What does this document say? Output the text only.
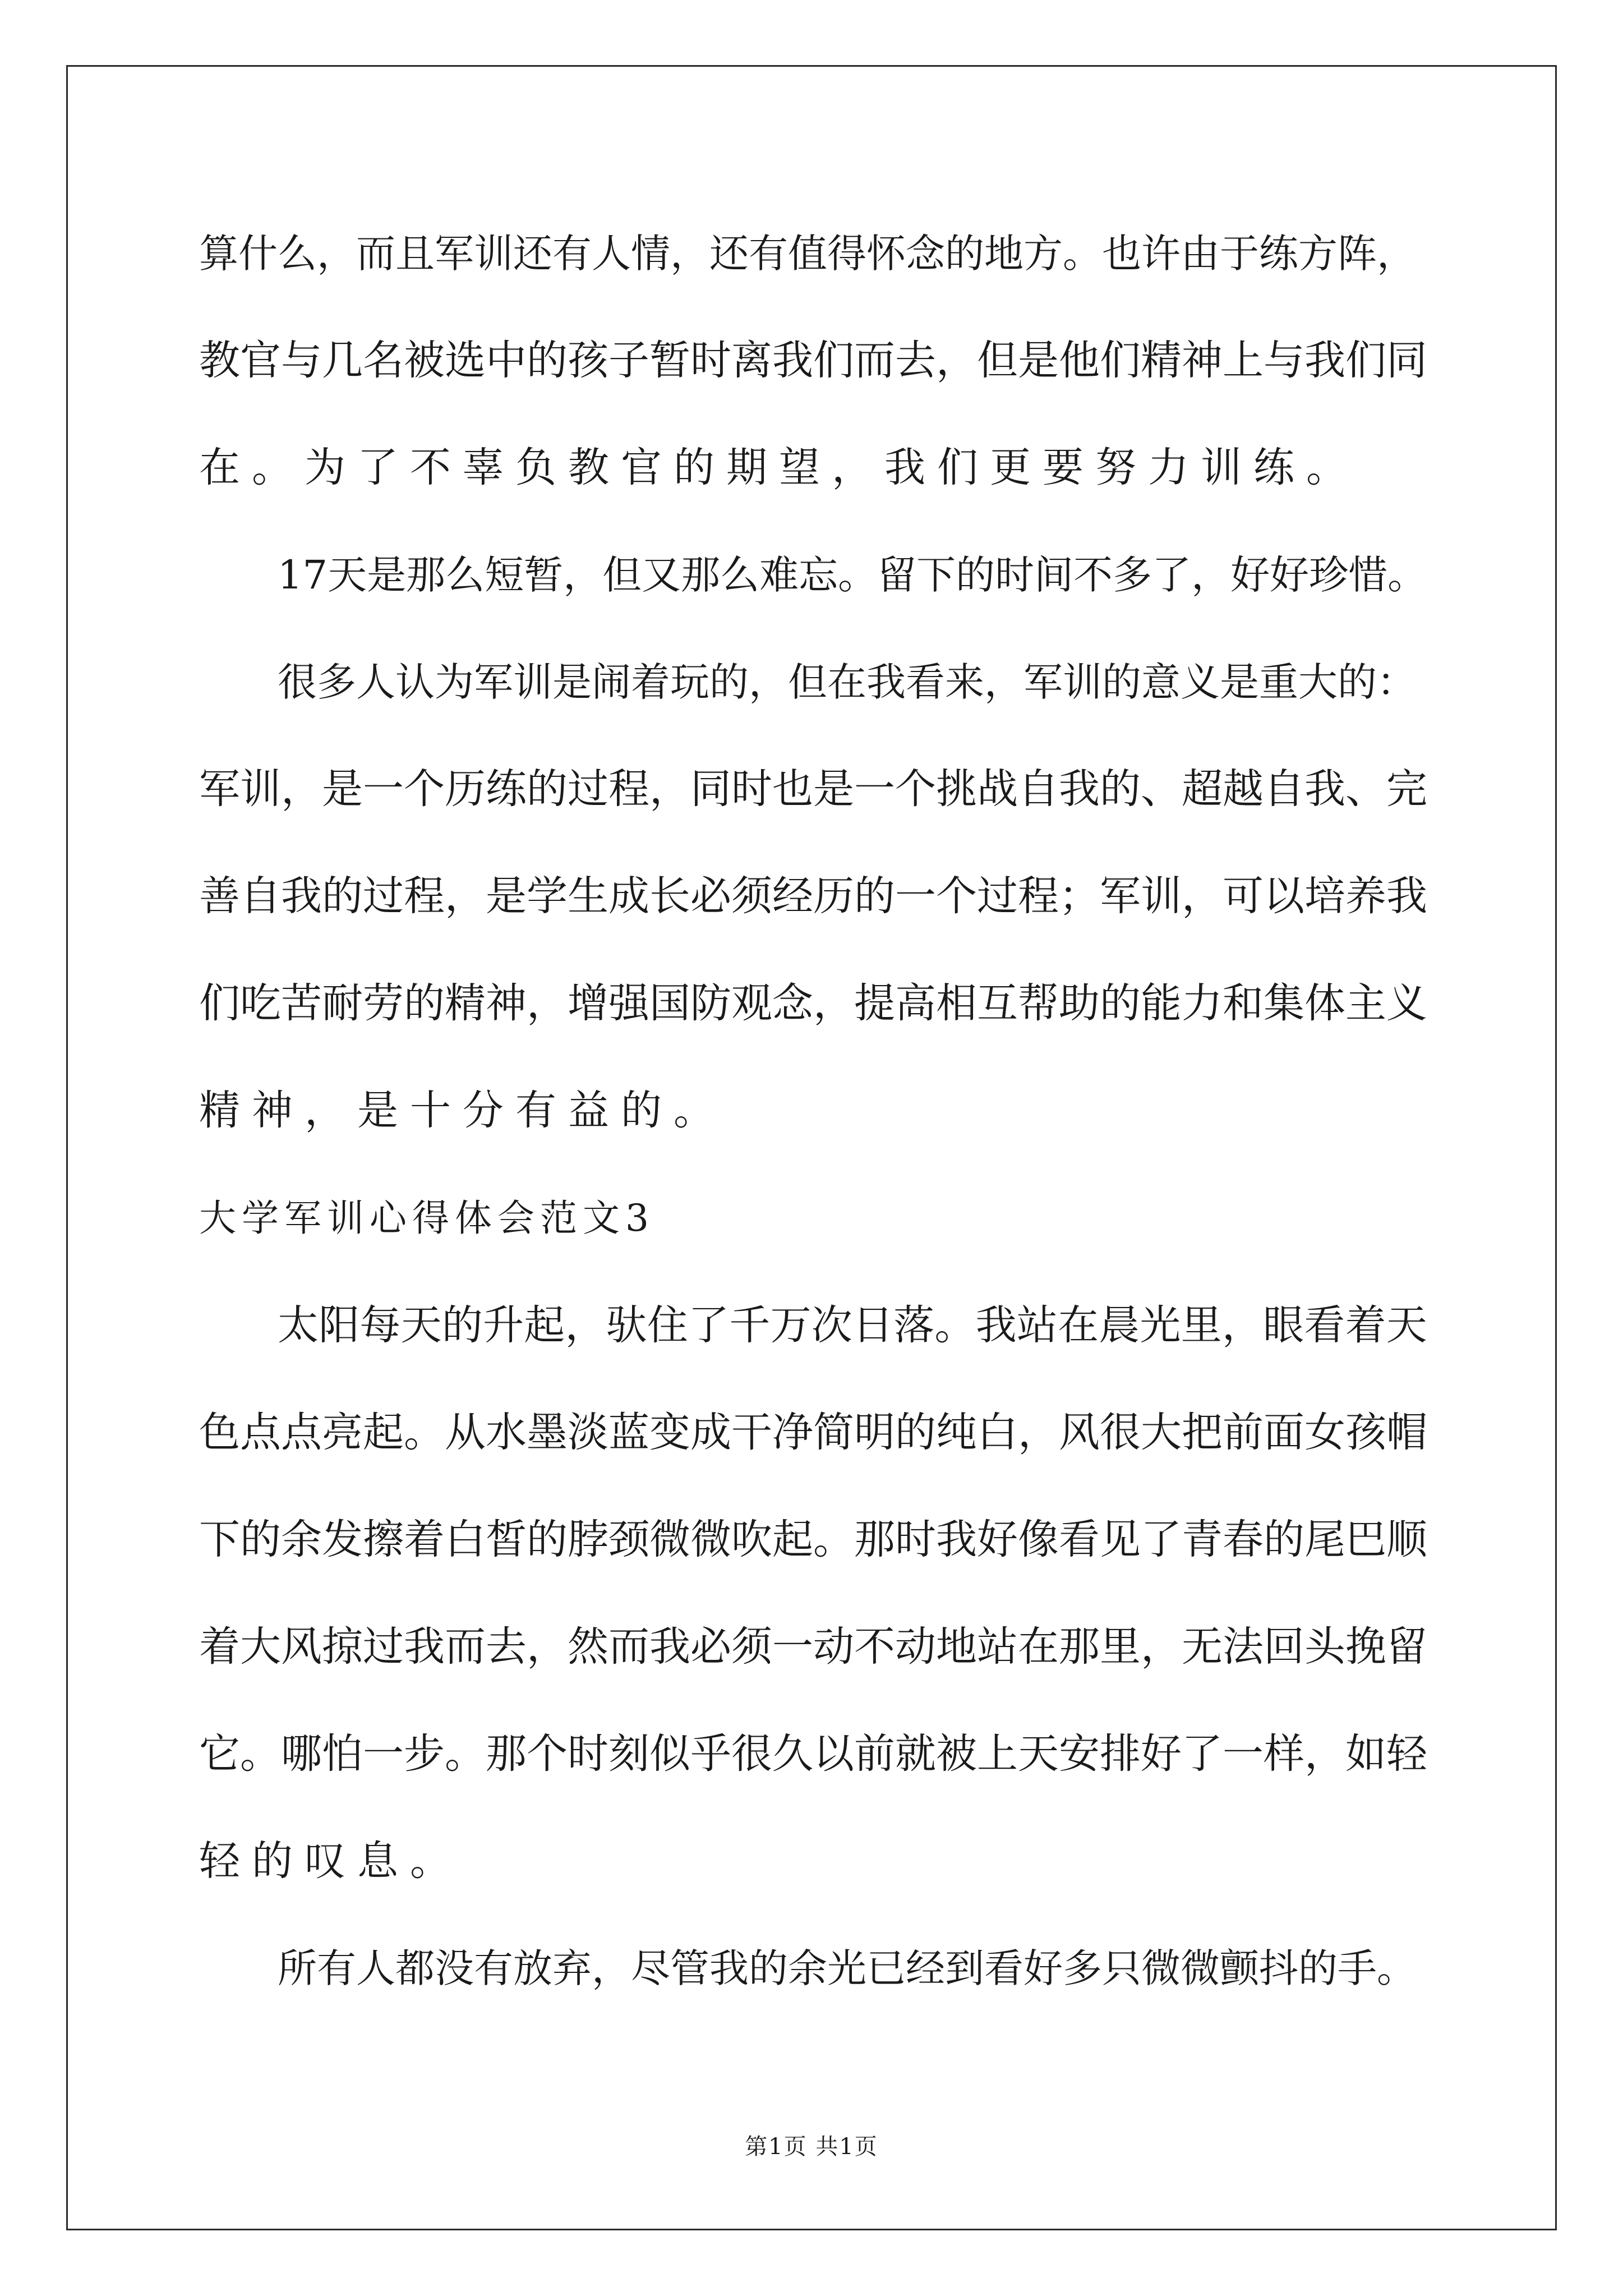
算什么，而且军训还有人情，还有值得怀念的地方。也许由于练方阵，
教官与几名被选中的孩子暂时离我们而去，但是他们精神上与我们同
在。为了不辜负教官的期望，我们更要努力训练。
17天是那么短暂，但又那么难忘。留下的时间不多了，好好珍惜。
很多人认为军训是闹着玩的，但在我看来，军训的意义是重大的：
军训，是一个历练的过程，同时也是一个挑战自我的、超越自我、完
善自我的过程，是学生成长必须经历的一个过程；军训，可以培养我
们吃苦耐劳的精神，增强国防观念，提高相互帮助的能力和集体主义
精神，是十分有益的。
大学军训心得体会范文3
太阳每天的升起，驮住了千万次日落。我站在晨光里，眼看着天
色点点亮起。从水墨淡蓝变成干净简明的纯白，风很大把前面女孩帽
下的余发擦着白皙的脖颈微微吹起。那时我好像看见了青春的尾巴顺
着大风掠过我而去，然而我必须一动不动地站在那里，无法回头挽留
它。哪怕一步。那个时刻似乎很久以前就被上天安排好了一样，如轻
轻的叹息。
所有人都没有放弃，尽管我的余光已经到看好多只微微颤抖的手。
第1页 共1页
